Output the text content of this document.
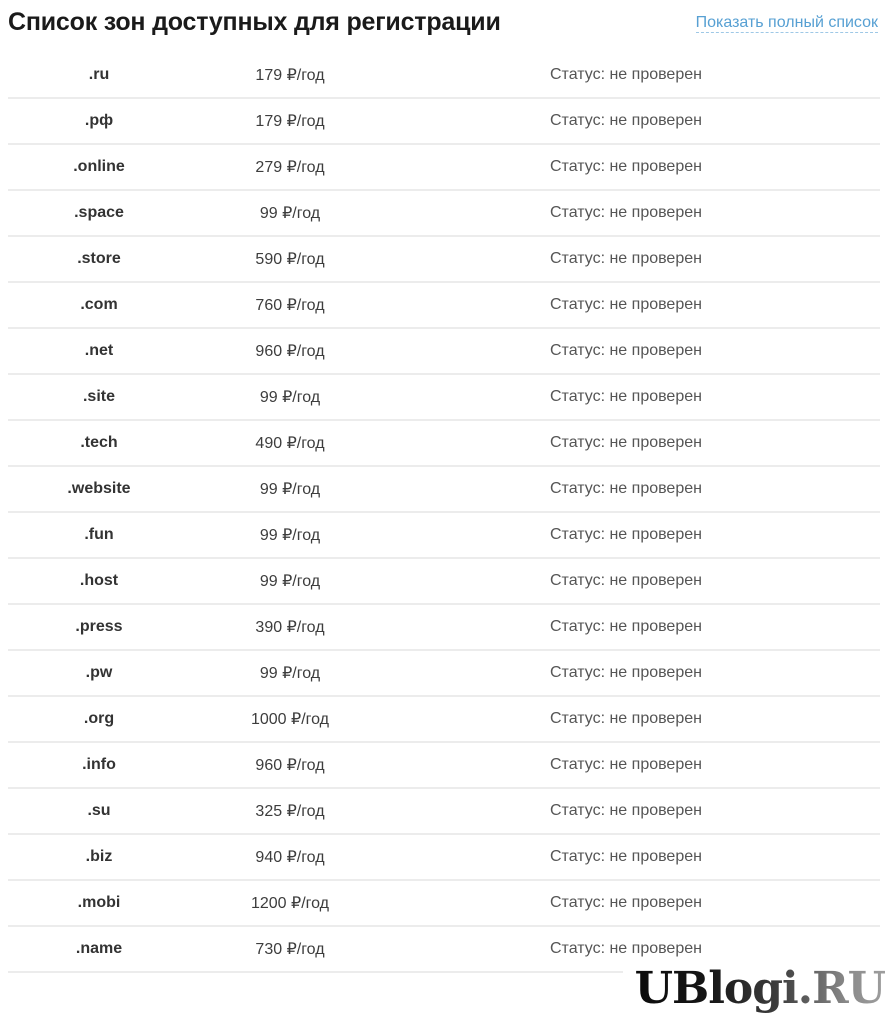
Список зон доступных для регистрации	Показать полный список
.ru	179 ₽/год	Статус: не проверен
.рф	179 ₽/год	Статус: не проверен
.online	279 ₽/год	Статус: не проверен
.space	99 ₽/год	Статус: не проверен
.store	590 ₽/год	Статус: не проверен
.com	760 ₽/год	Статус: не проверен
.net	960 ₽/год	Статус: не проверен
.site	99 ₽/год	Статус: не проверен
.tech	490 ₽/год	Статус: не проверен
.website	99 ₽/год	Статус: не проверен
.fun	99 ₽/год	Статус: не проверен
.host	99 ₽/год	Статус: не проверен
.press	390 ₽/год	Статус: не проверен
.pw	99 ₽/год	Статус: не проверен
.org	1000 ₽/год	Статус: не проверен
.info	960 ₽/год	Статус: не проверен
.su	325 ₽/год	Статус: не проверен
.biz	940 ₽/год	Статус: не проверен
.mobi	1200 ₽/год	Статус: не проверен
.name	730 ₽/год	Статус: не проверен
UBlogi.RU
